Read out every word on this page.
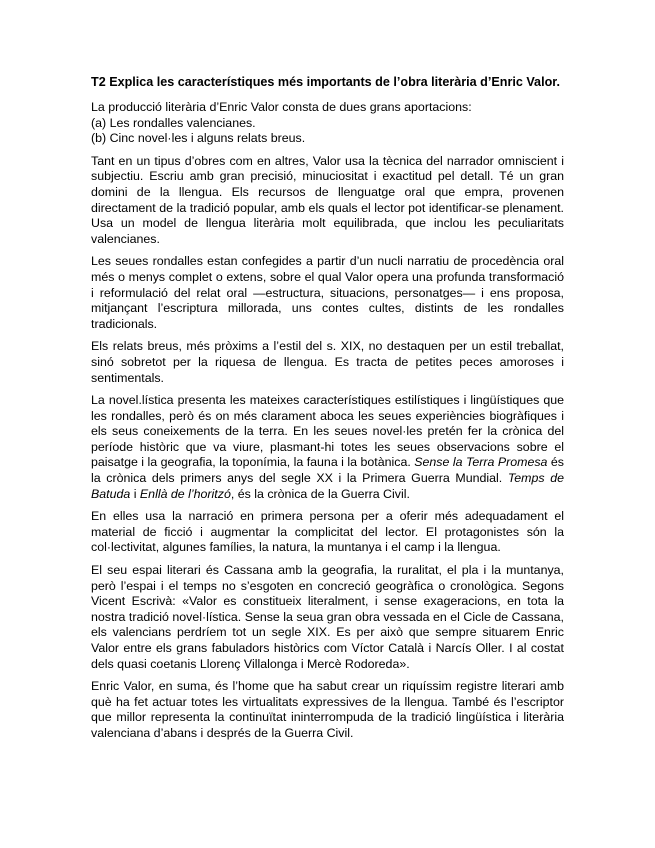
T2 Explica les característiques més importants de l’obra literària d’Enric Valor.

La producció literària d’Enric Valor consta de dues grans aportacions:

(a) Les rondalles valencianes.

(b) Cinc novel·les i alguns relats breus.

Tant en un tipus d’obres com en altres, Valor usa la tècnica del narrador omniscient i subjectiu. Escriu amb gran precisió, minuciositat i exactitud pel detall. Té un gran domini de la llengua. Els recursos de llenguatge oral que empra, provenen directament de la tradició popular, amb els quals el lector pot identificar-se plenament. Usa un model de llengua literària molt equilibrada, que inclou les peculiaritats valencianes.

Les seues rondalles estan confegides a partir d’un nucli narratiu de procedència oral més o menys complet o extens, sobre el qual Valor opera una profunda transformació i reformulació del relat oral —estructura, situacions, personatges— i ens proposa, mitjançant l’escriptura millorada, uns contes cultes, distints de les rondalles tradicionals.

Els relats breus, més pròxims a l’estil del s. XIX, no destaquen per un estil treballat, sinó sobretot per la riquesa de llengua. Es tracta de petites peces amoroses i sentimentals.

La novel.lística presenta les mateixes característiques estilístiques i lingüístiques que les rondalles, però és on més clarament aboca les seues experiències biogràfiques i els seus coneixements de la terra. En les seues novel·les pretén fer la crònica del període històric que va viure, plasmant-hi totes les seues observacions sobre el paisatge i la geografia, la toponímia, la fauna i la botànica. Sense la Terra Promesa és la crònica dels primers anys del segle XX i la Primera Guerra Mundial. Temps de Batuda i Enllà de l’horitzó, és la crònica de la Guerra Civil.

En elles usa la narració en primera persona per a oferir més adequadament el material de ficció i augmentar la complicitat del lector. El protagonistes són la col·lectivitat, algunes famílies, la natura, la muntanya i el camp i la llengua.

El seu espai literari és Cassana amb la geografia, la ruralitat, el pla i la muntanya, però l’espai i el temps no s’esgoten en concreció geogràfica o cronològica. Segons Vicent Escrivà: «Valor es constitueix literalment, i sense exageracions, en tota la nostra tradició novel·lística. Sense la seua gran obra vessada en el Cicle de Cassana, els valencians perdríem tot un segle XIX. Es per això que sempre situarem Enric Valor entre els grans fabuladors històrics com Víctor Català i Narcís Oller. I al costat dels quasi coetanis Llorenç Villalonga i Mercè Rodoreda».

Enric Valor, en suma, és l’home que ha sabut crear un riquíssim registre literari amb què ha fet actuar totes les virtualitats expressives de la llengua. També és l’escriptor que millor representa la continuïtat ininterrompuda de la tradició lingüística i literària valenciana d’abans i després de la Guerra Civil.
